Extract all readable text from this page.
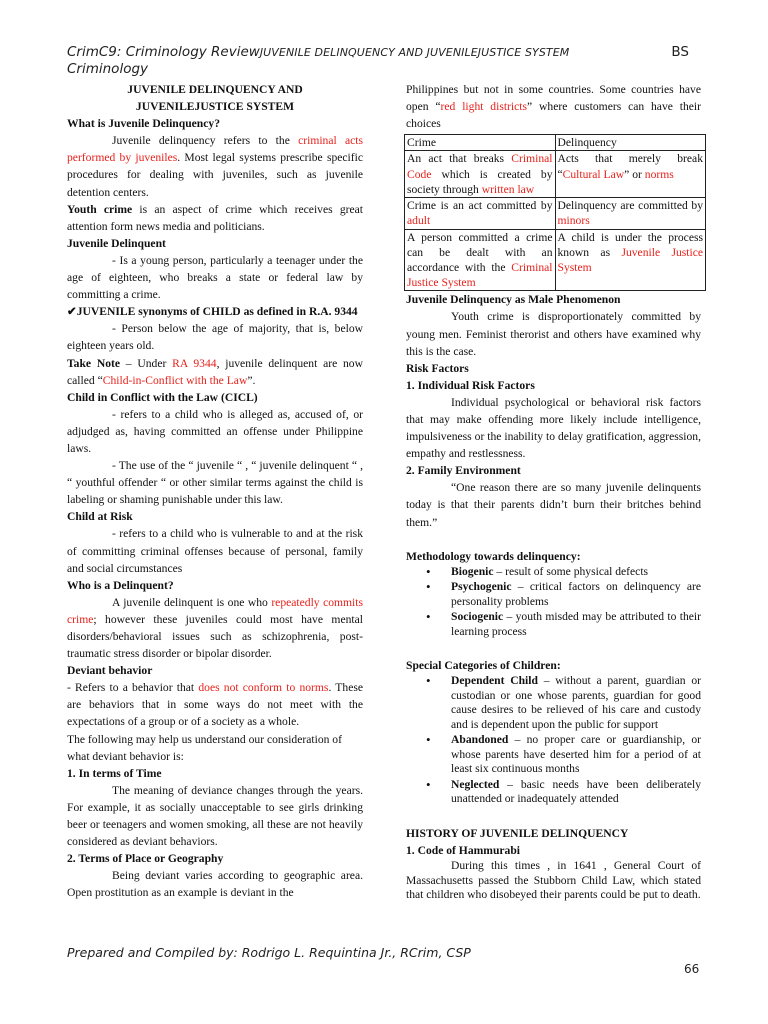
CrimC9: Criminology ReviewJUVENILE DELINQUENCY AND JUVENILEJUSTICE SYSTEM	BS
Criminology

JUVENILE DELINQUENCY AND
JUVENILEJUSTICE SYSTEM

What is Juvenile Delinquency?

Juvenile delinquency refers to the criminal acts performed by juveniles. Most legal systems prescribe specific procedures for dealing with juveniles, such as juvenile detention centers.

Youth crime is an aspect of crime which receives great attention form news media and politicians.

Juvenile Delinquent

- Is a young person, particularly a teenager under the age of eighteen, who breaks a state or federal law by committing a crime.

✔JUVENILE synonyms of CHILD as defined in R.A. 9344

- Person below the age of majority, that is, below eighteen years old.

Take Note – Under RA 9344, juvenile delinquent are now called “Child-in-Conflict with the Law”.

Child in Conflict with the Law (CICL)

- refers to a child who is alleged as, accused of, or adjudged as, having committed an offense under Philippine laws.

- The use of the “ juvenile “ , “ juvenile delinquent “ , “ youthful offender “ or other similar terms against the child is labeling or shaming punishable under this law.

Child at Risk

- refers to a child who is vulnerable to and at the risk of committing criminal offenses because of personal, family and social circumstances

Who is a Delinquent?

A juvenile delinquent is one who repeatedly commits crime; however these juveniles could most have mental disorders/behavioral issues such as schizophrenia, post-traumatic stress disorder or bipolar disorder.

Deviant behavior

- Refers to a behavior that does not conform to norms. These are behaviors that in some ways do not meet with the expectations of a group or of a society as a whole.

The following may help us understand our consideration of what deviant behavior is:

1. In terms of Time

The meaning of deviance changes through the years. For example, it as socially unacceptable to see girls drinking beer or teenagers and women smoking, all these are not heavily considered as deviant behaviors.

2. Terms of Place or Geography

Being deviant varies according to geographic area. Open prostitution as an example is deviant in the

Philippines but not in some countries. Some countries have open “red light districts” where customers can have their choices

Crime	Delinquency
An act that breaks Criminal Code which is created by society through written law	Acts that merely break “Cultural Law” or norms
Crime is an act committed by adult	Delinquency are committed by minors
A person committed a crime can be dealt with an accordance with the Criminal Justice System	A child is under the process known as Juvenile Justice System

Juvenile Delinquency as Male Phenomenon

Youth crime is disproportionately committed by young men. Feminist therorist and others have examined why this is the case.

Risk Factors

1. Individual Risk Factors

Individual psychological or behavioral risk factors that may make offending more likely include intelligence, impulsiveness or the inability to delay gratification, aggression, empathy and restlessness.

2. Family Environment

“One reason there are so many juvenile delinquents today is that their parents didn’t burn their britches behind them.”

Methodology towards delinquency:

• Biogenic – result of some physical defects
• Psychogenic – critical factors on delinquency are personality problems
• Sociogenic – youth misded may be attributed to their learning process

Special Categories of Children:

• Dependent Child – without a parent, guardian or custodian or one whose parents, guardian for good cause desires to be relieved of his care and custody and is dependent upon the public for support
• Abandoned – no proper care or guardianship, or whose parents have deserted him for a period of at least six continuous months
• Neglected – basic needs have been deliberately unattended or inadequately attended

HISTORY OF JUVENILE DELINQUENCY

1. Code of Hammurabi

During this times , in 1641 , General Court of Massachusetts passed the Stubborn Child Law, which stated that children who disobeyed their parents could be put to death.

Prepared and Compiled by: Rodrigo L. Requintina Jr., RCrim, CSP
66
